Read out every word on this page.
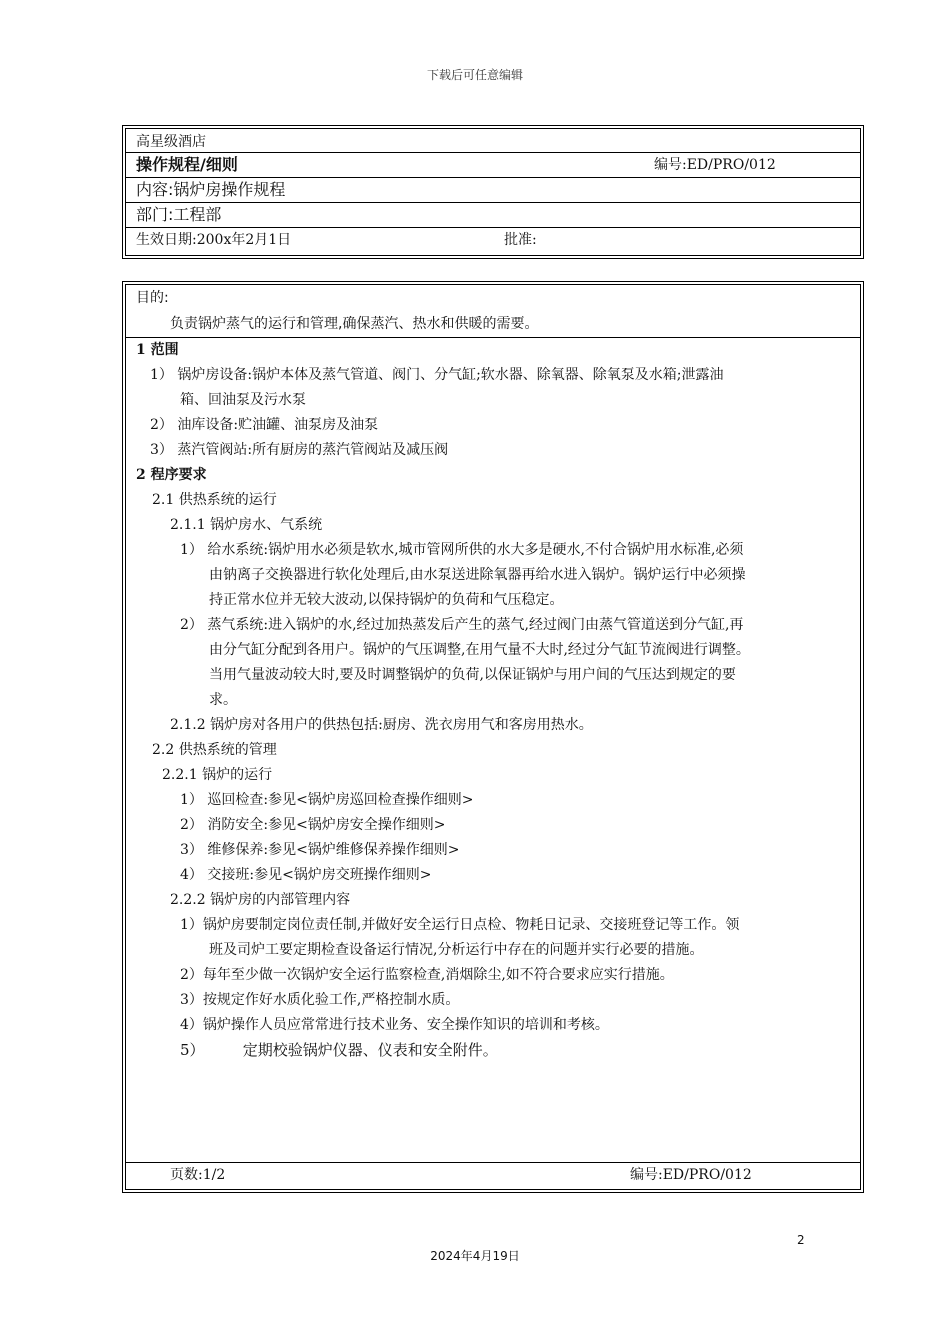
下载后可任意编辑
高星级酒店
操作规程/细则	编号:ED/PRO/012
内容:锅炉房操作规程
部门:工程部
生效日期:200x年2月1日	批准:
目的:
负责锅炉蒸气的运行和管理,确保蒸汽、热水和供暖的需要。
1 范围
1） 锅炉房设备:锅炉本体及蒸气管道、阀门、分气缸;软水器、除氧器、除氧泵及水箱;泄露油
箱、回油泵及污水泵
2） 油库设备:贮油罐、油泵房及油泵
3） 蒸汽管阀站:所有厨房的蒸汽管阀站及减压阀
2 程序要求
2.1 供热系统的运行
2.1.1 锅炉房水、气系统
1） 给水系统:锅炉用水必须是软水,城市管网所供的水大多是硬水,不付合锅炉用水标准,必须
由钠离子交换器进行软化处理后,由水泵送进除氧器再给水进入锅炉。锅炉运行中必须操
持正常水位并无较大波动,以保持锅炉的负荷和气压稳定。
2） 蒸气系统:进入锅炉的水,经过加热蒸发后产生的蒸气,经过阀门由蒸气管道送到分气缸,再
由分气缸分配到各用户。锅炉的气压调整,在用气量不大时,经过分气缸节流阀进行调整。
当用气量波动较大时,要及时调整锅炉的负荷,以保证锅炉与用户间的气压达到规定的要
求。
2.1.2 锅炉房对各用户的供热包括:厨房、洗衣房用气和客房用热水。
2.2 供热系统的管理
2.2.1 锅炉的运行
1） 巡回检查:参见<锅炉房巡回检查操作细则>
2） 消防安全:参见<锅炉房安全操作细则>
3） 维修保养:参见<锅炉维修保养操作细则>
4） 交接班:参见<锅炉房交班操作细则>
2.2.2 锅炉房的内部管理内容
1）锅炉房要制定岗位责任制,并做好安全运行日点检、物耗日记录、交接班登记等工作。领
班及司炉工要定期检查设备运行情况,分析运行中存在的问题并实行必要的措施。
2）每年至少做一次锅炉安全运行监察检查,消烟除尘,如不符合要求应实行措施。
3）按规定作好水质化验工作,严格控制水质。
4）锅炉操作人员应常常进行技术业务、安全操作知识的培训和考核。
5）        定期校验锅炉仪器、仪表和安全附件。
页数:1/2	编号:ED/PRO/012
2
2024年4月19日
